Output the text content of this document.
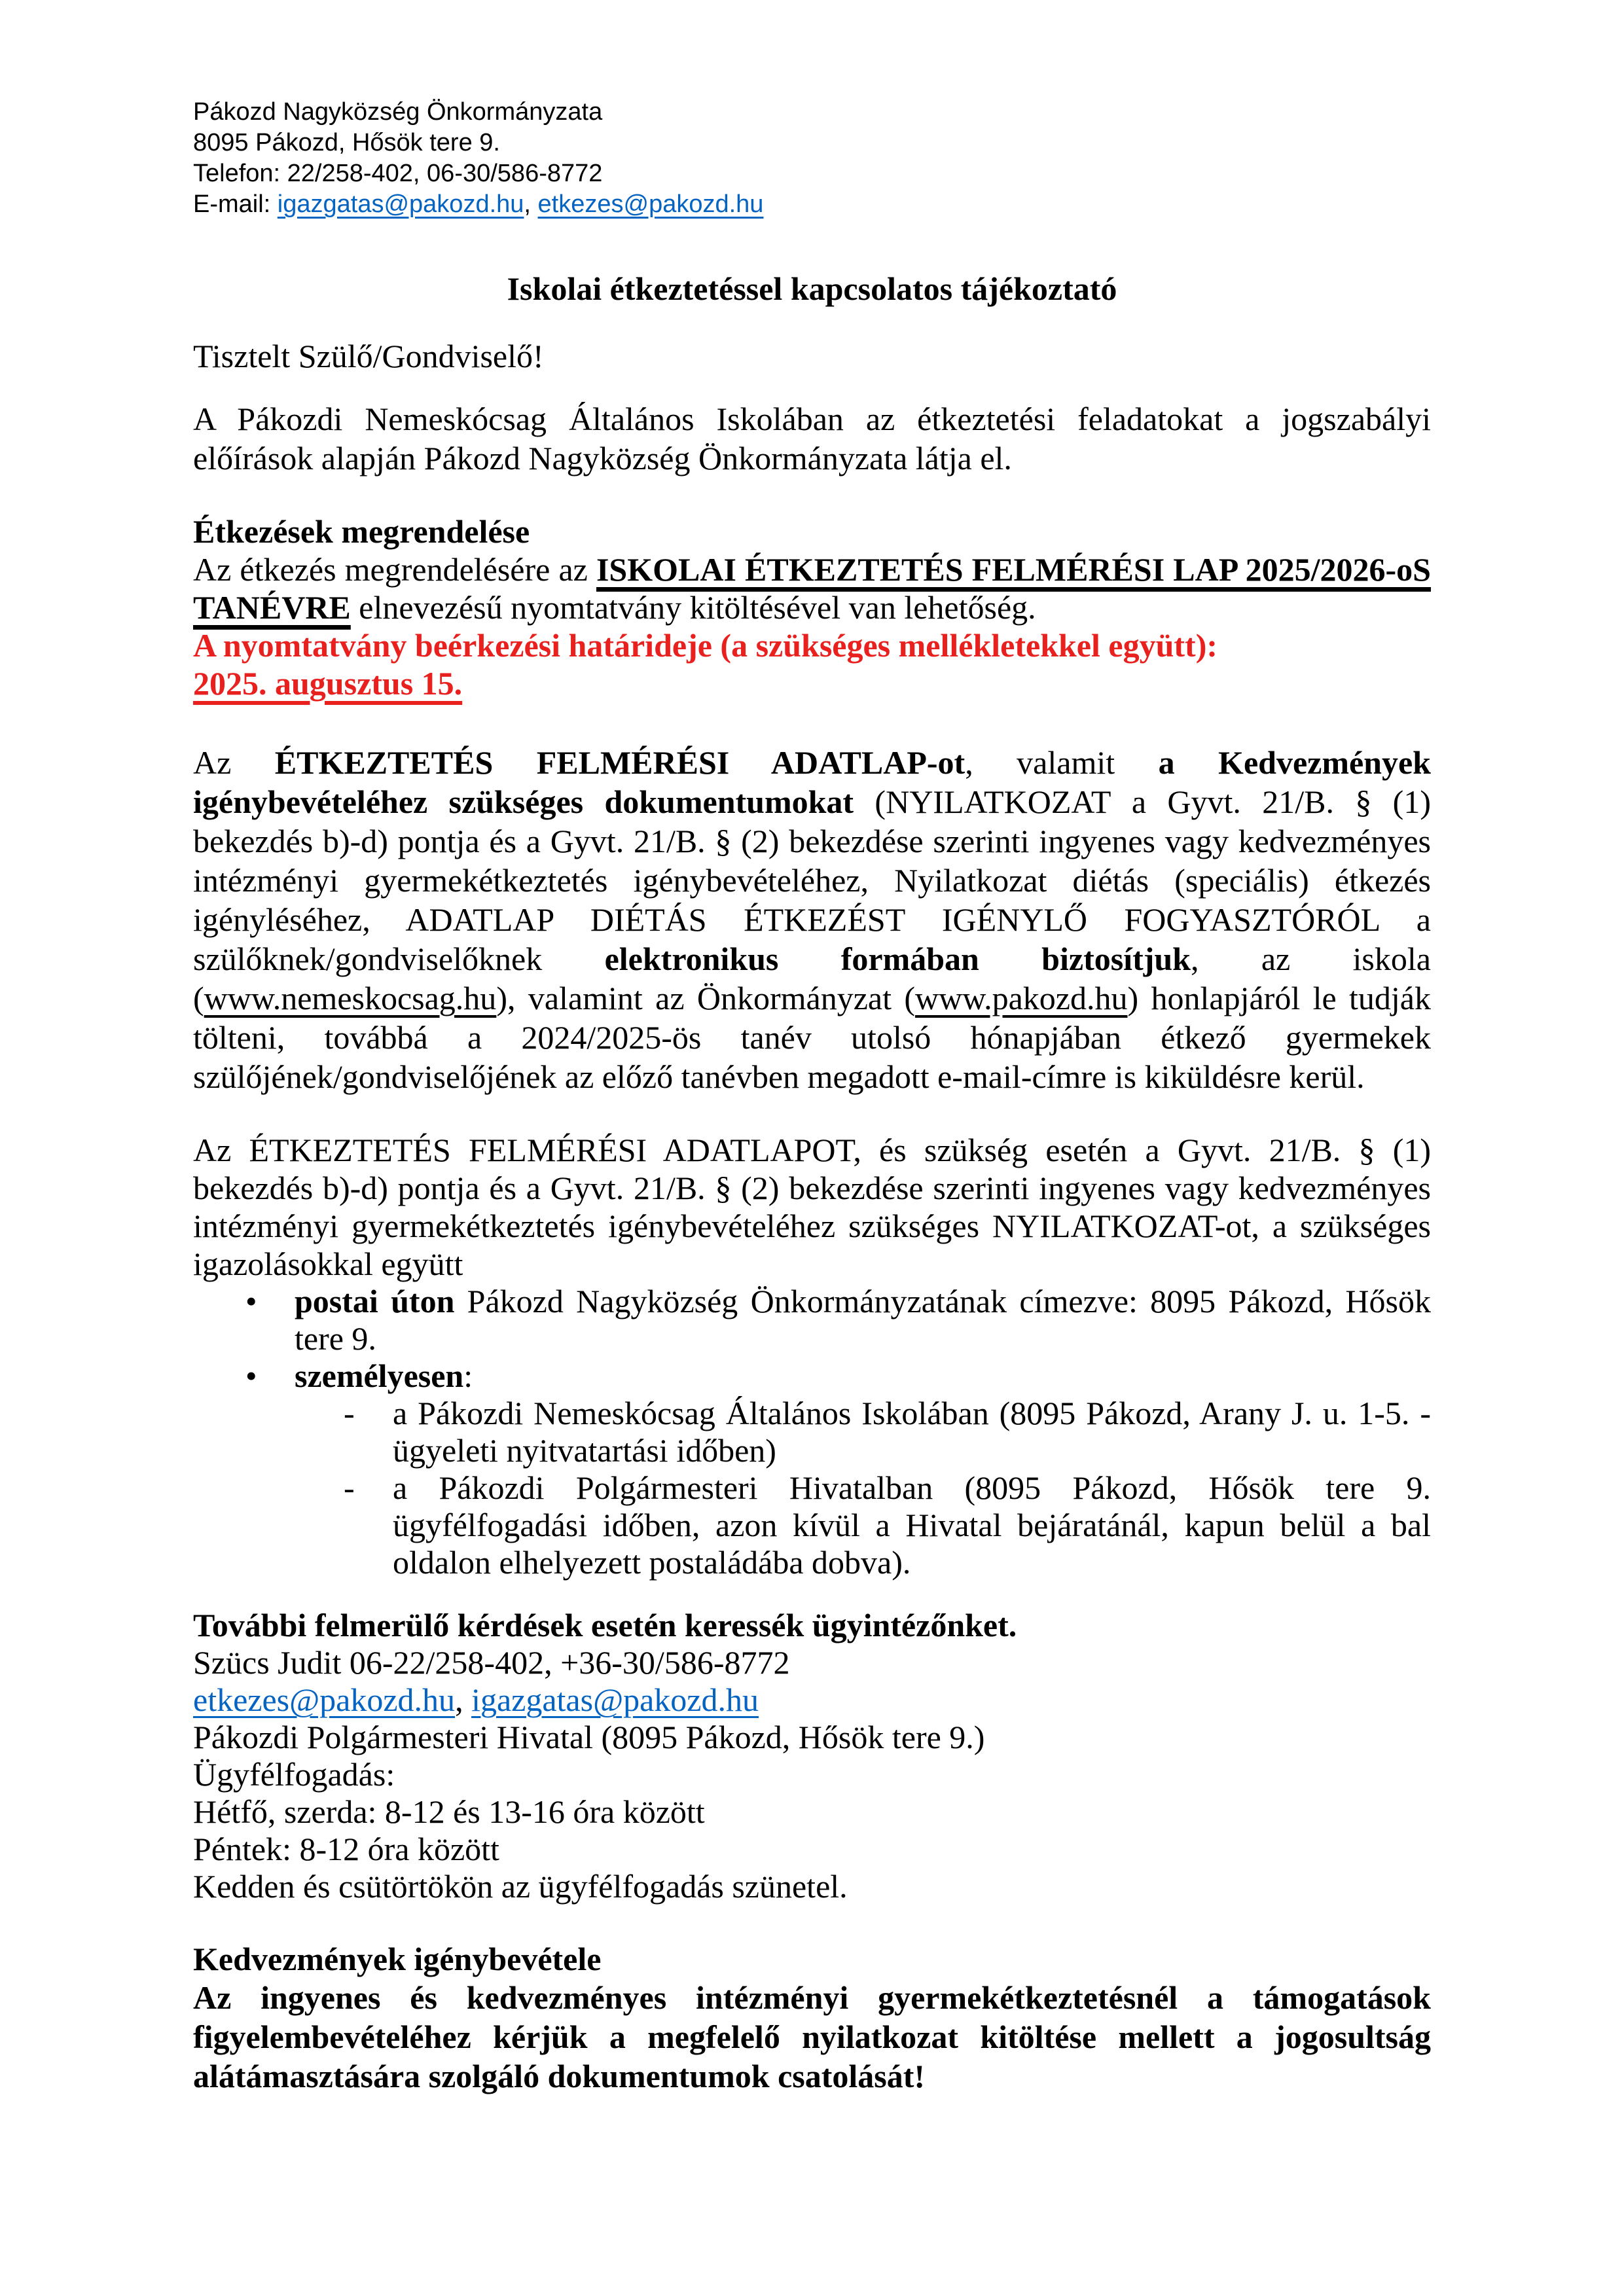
Pákozd Nagyközség Önkormányzata
8095 Pákozd, Hősök tere 9.
Telefon: 22/258-402, 06-30/586-8772
E-mail: igazgatas@pakozd.hu, etkezes@pakozd.hu
Iskolai étkeztetéssel kapcsolatos tájékoztató
Tisztelt Szülő/Gondviselő!
A Pákozdi Nemeskócsag Általános Iskolában az étkeztetési feladatokat a jogszabályi előírások alapján Pákozd Nagyközség Önkormányzata látja el.
Étkezések megrendelése
Az étkezés megrendelésére az ISKOLAI ÉTKEZTETÉS FELMÉRÉSI LAP 2025/2026-oS TANÉVRE elnevezésű nyomtatvány kitöltésével van lehetőség.
A nyomtatvány beérkezési határideje (a szükséges mellékletekkel együtt):
2025. augusztus 15.
Az ÉTKEZTETÉS FELMÉRÉSI ADATLAP-ot, valamit a Kedvezmények igénybevételéhez szükséges dokumentumokat (NYILATKOZAT a Gyvt. 21/B. § (1) bekezdés b)-d) pontja és a Gyvt. 21/B. § (2) bekezdése szerinti ingyenes vagy kedvezményes intézményi gyermekétkeztetés igénybevételéhez, Nyilatkozat diétás (speciális) étkezés igényléséhez, ADATLAP DIÉTÁS ÉTKEZÉST IGÉNYLŐ FOGYASZTÓRÓL a szülőknek/gondviselőknek elektronikus formában biztosítjuk, az iskola (www.nemeskocsag.hu), valamint az Önkormányzat (www.pakozd.hu) honlapjáról le tudják tölteni, továbbá a 2024/2025-ös tanév utolsó hónapjában étkező gyermekek szülőjének/gondviselőjének az előző tanévben megadott e-mail-címre is kiküldésre kerül.
Az ÉTKEZTETÉS FELMÉRÉSI ADATLAPOT, és szükség esetén a Gyvt. 21/B. § (1) bekezdés b)-d) pontja és a Gyvt. 21/B. § (2) bekezdése szerinti ingyenes vagy kedvezményes intézményi gyermekétkeztetés igénybevételéhez szükséges NYILATKOZAT-ot, a szükséges igazolásokkal együtt
• postai úton Pákozd Nagyközség Önkormányzatának címezve: 8095 Pákozd, Hősök tere 9.
• személyesen:
- a Pákozdi Nemeskócsag Általános Iskolában (8095 Pákozd, Arany J. u. 1-5. - ügyeleti nyitvatartási időben)
- a Pákozdi Polgármesteri Hivatalban (8095 Pákozd, Hősök tere 9. ügyfélfogadási időben, azon kívül a Hivatal bejáratánál, kapun belül a bal oldalon elhelyezett postaládába dobva).
További felmerülő kérdések esetén keressék ügyintézőnket.
Szücs Judit 06-22/258-402, +36-30/586-8772
etkezes@pakozd.hu, igazgatas@pakozd.hu
Pákozdi Polgármesteri Hivatal (8095 Pákozd, Hősök tere 9.)
Ügyfélfogadás:
Hétfő, szerda: 8-12 és 13-16 óra között
Péntek: 8-12 óra között
Kedden és csütörtökön az ügyfélfogadás szünetel.
Kedvezmények igénybevétele
Az ingyenes és kedvezményes intézményi gyermekétkeztetésnél a támogatások figyelembevételéhez kérjük a megfelelő nyilatkozat kitöltése mellett a jogosultság alátámasztására szolgáló dokumentumok csatolását!
